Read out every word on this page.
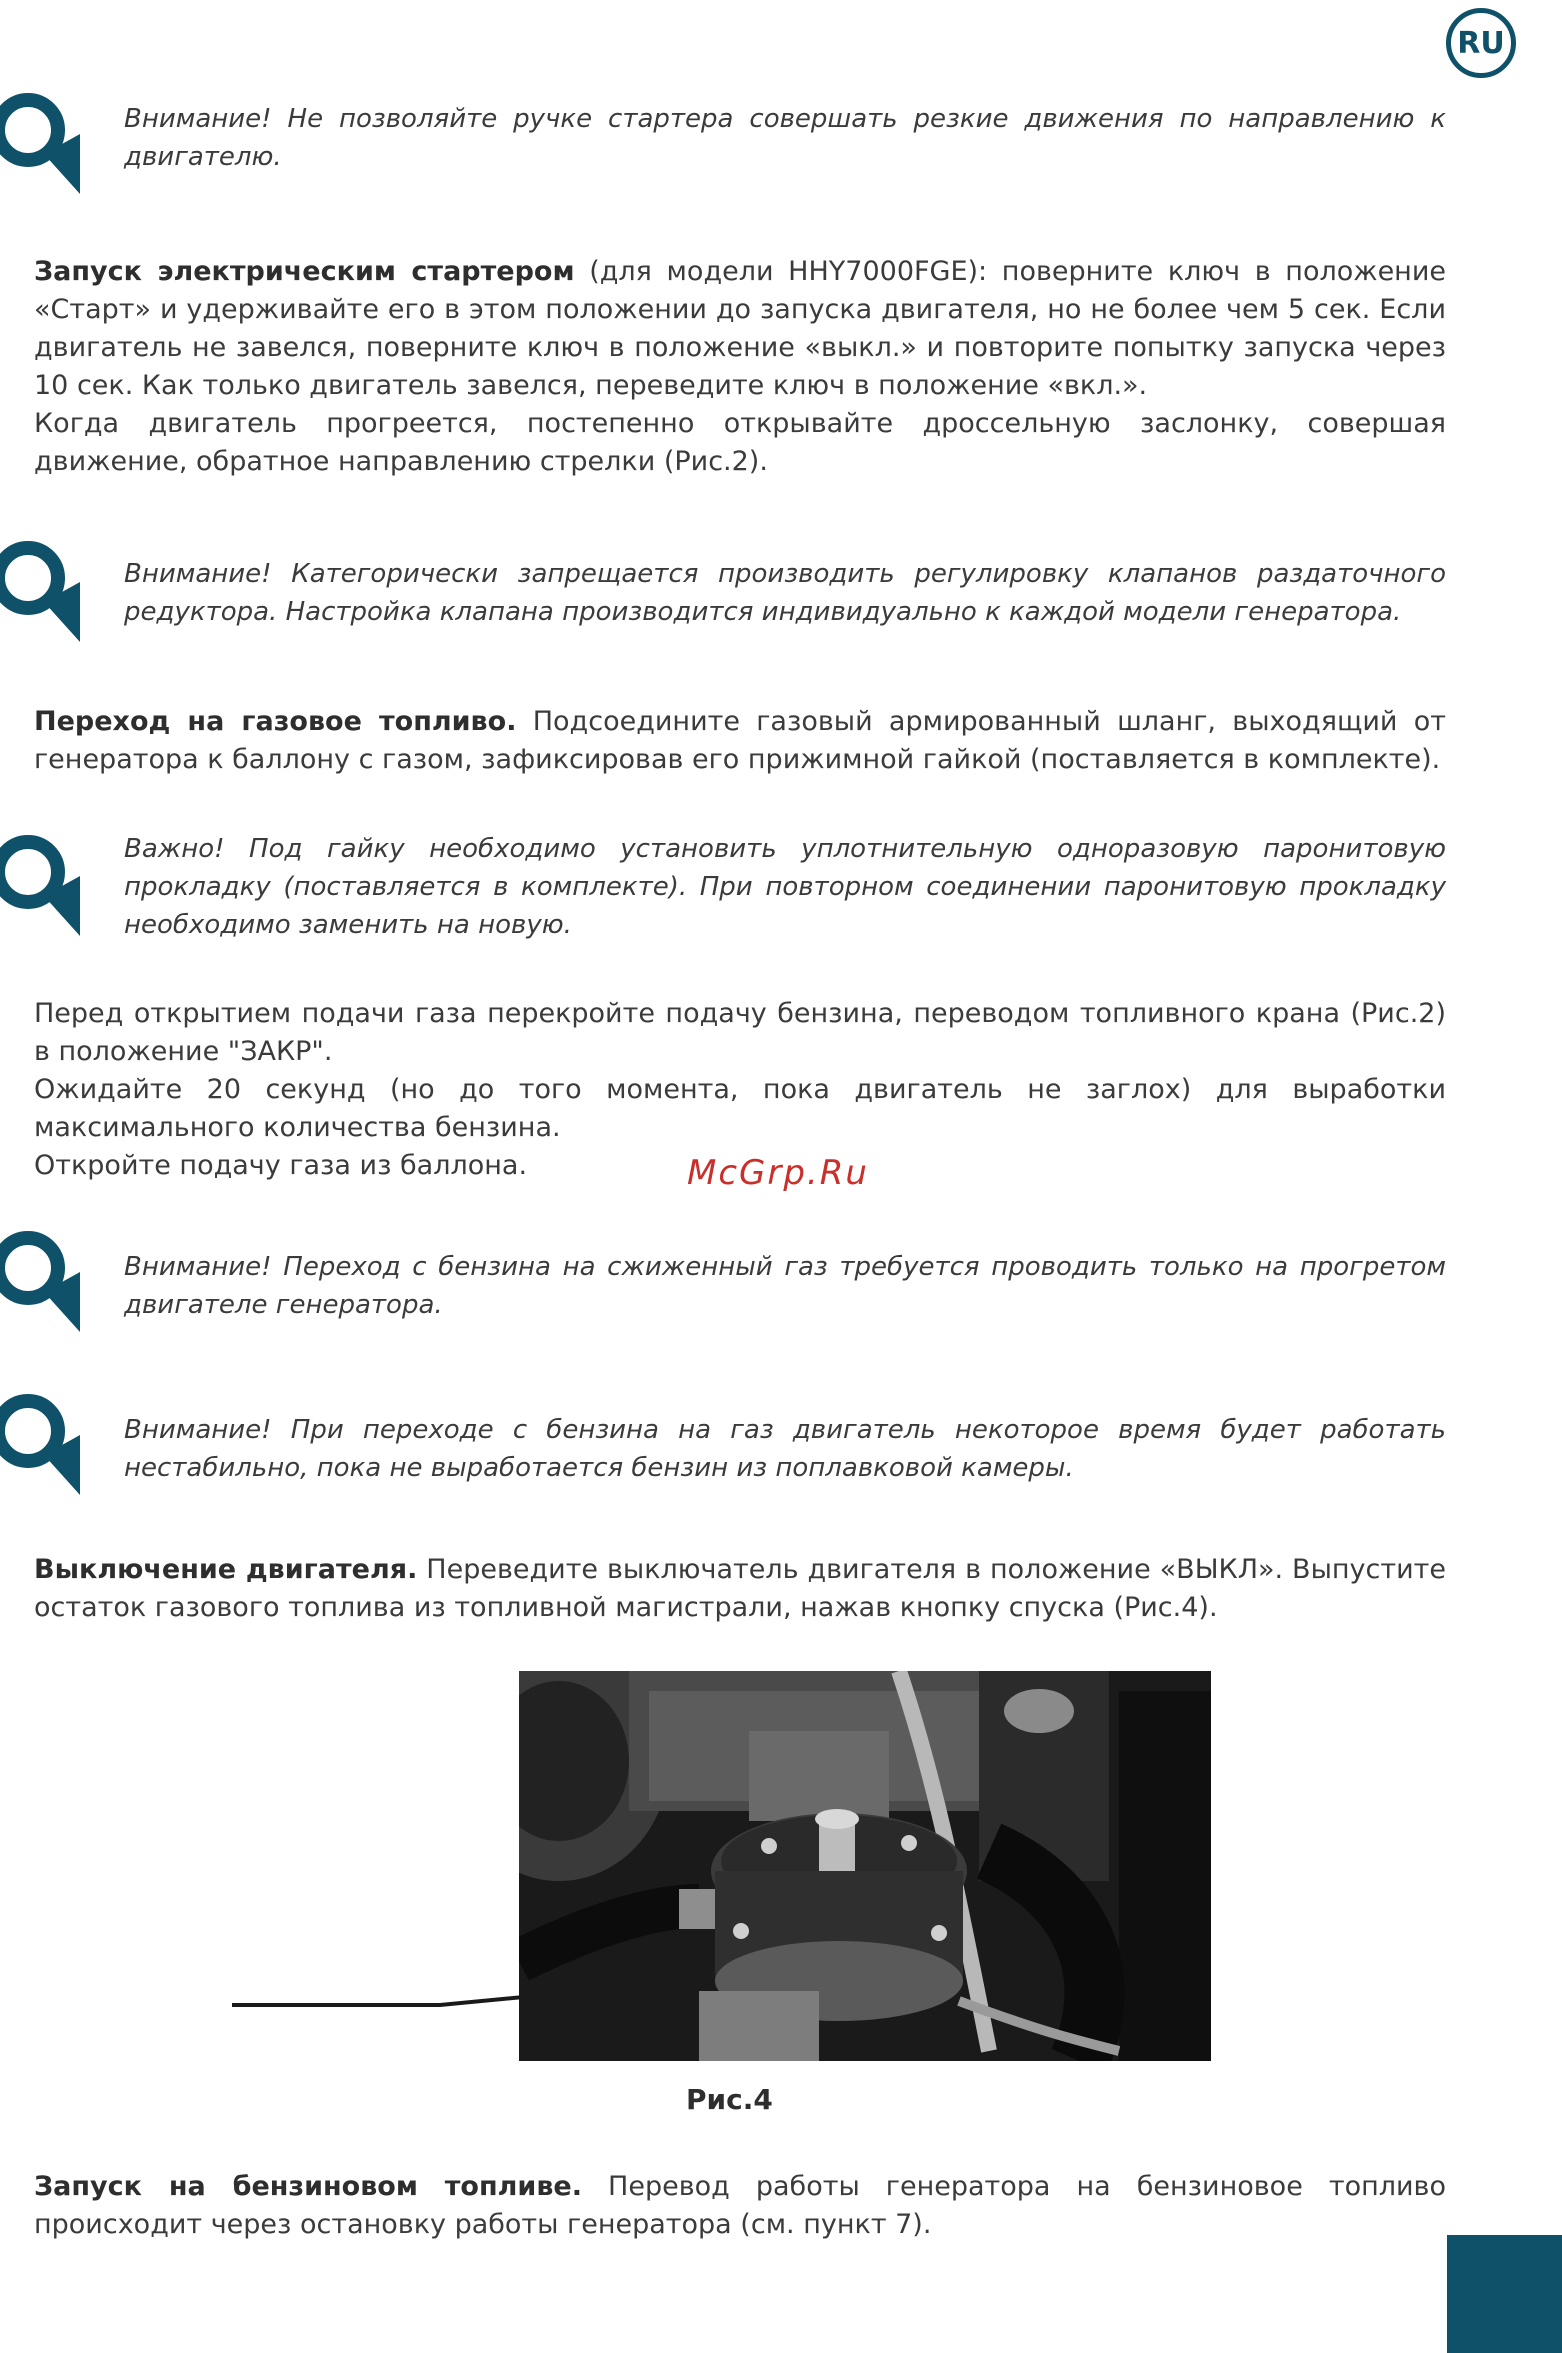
RU
Внимание! Не позволяйте ручке стартера совершать резкие движения по направлению к двигателю.

Запуск электрическим стартером (для модели HHY7000FGE): поверните ключ в положение «Старт» и удерживайте его в этом положении до запуска двигателя, но не более чем 5 сек. Если двигатель не завелся, поверните ключ в положение «выкл.» и повторите попытку запуска через 10 сек. Как только двигатель завелся, переведите ключ в положение «вкл.».

Когда двигатель прогреется, постепенно открывайте дроссельную заслонку, совершая движение, обратное направлению стрелки (Рис.2).

Внимание! Категорически запрещается производить регулировку клапанов раздаточного редуктора. Настройка клапана производится индивидуально к каждой модели генератора.

Переход на газовое топливо. Подсоедините газовый армированный шланг, выходящий от генератора к баллону с газом, зафиксировав его прижимной гайкой (поставляется в комплекте).

Важно! Под гайку необходимо установить уплотнительную одноразовую паронитовую прокладку (поставляется в комплекте). При повторном соединении паронитовую прокладку необходимо заменить на новую.

Перед открытием подачи газа перекройте подачу бензина, переводом топливного крана (Рис.2) в положение "ЗАКР".

Ожидайте 20 секунд (но до того момента, пока двигатель не заглох) для выработки максимального количества бензина.

Откройте подачу газа из баллона.	McGrp.Ru
Внимание! Переход с бензина на сжиженный газ требуется проводить только на прогретом двигателе генератора.
Внимание! При переходе с бензина на газ двигатель некоторое время будет работать нестабильно, пока не выработается бензин из поплавковой камеры.

Выключение двигателя. Переведите выключатель двигателя в положение «ВЫКЛ». Выпустите остаток газового топлива из топливной магистрали, нажав кнопку спуска (Рис.4).

Рис.4

Запуск на бензиновом топливе. Перевод работы генератора на бензиновое топливо происходит через остановку работы генератора (см. пункт 7).
